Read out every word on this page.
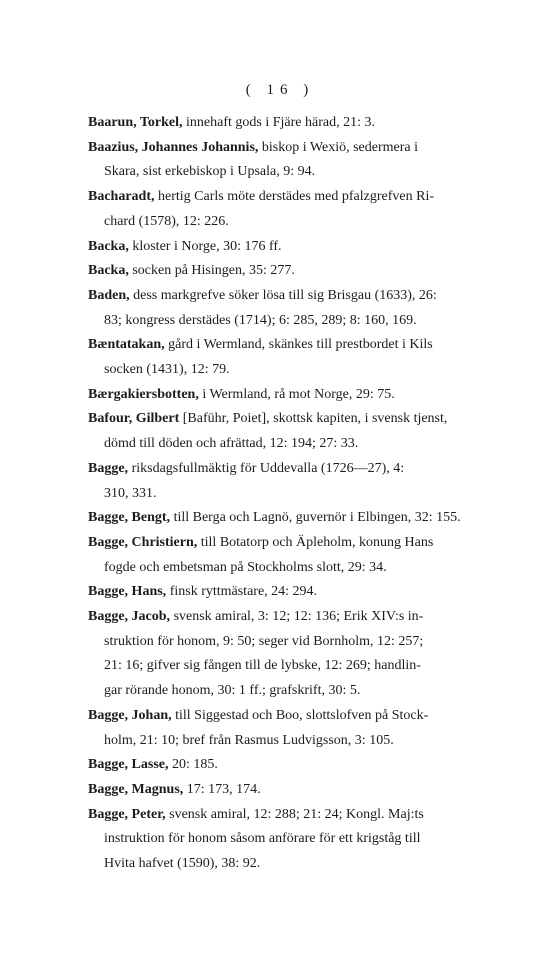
( 16 )
Baarun, Torkel, innehaft gods i Fjäre härad, 21: 3.
Baazius, Johannes Johannis, biskop i Wexiö, sedermera i
Skara, sist erkebiskop i Upsala, 9: 94.
Bacharadt, hertig Carls möte derstädes med pfalzgrefven Ri-
chard (1578), 12: 226.
Backa, kloster i Norge, 30: 176 ff.
Backa, socken på Hisingen, 35: 277.
Baden, dess markgrefve söker lösa till sig Brisgau (1633), 26:
83; kongress derstädes (1714); 6: 285, 289; 8: 160, 169.
Bæntatakan, gård i Wermland, skänkes till prestbordet i Kils
socken (1431), 12: 79.
Bærgakiersbotten, i Wermland, rå mot Norge, 29: 75.
Bafour, Gilbert [Baführ, Poiet], skottsk kapiten, i svensk tjenst,
dömd till döden och afrättad, 12: 194; 27: 33.
Bagge, riksdagsfullmäktig för Uddevalla (1726—27), 4:
310, 331.
Bagge, Bengt, till Berga och Lagnö, guvernör i Elbingen, 32: 155.
Bagge, Christiern, till Botatorp och Äpleholm, konung Hans
fogde och embetsman på Stockholms slott, 29: 34.
Bagge, Hans, finsk ryttmästare, 24: 294.
Bagge, Jacob, svensk amiral, 3: 12; 12: 136; Erik XIV:s in-
struktion för honom, 9: 50; seger vid Bornholm, 12: 257;
21: 16; gifver sig fången till de lybske, 12: 269; handlin-
gar rörande honom, 30: 1 ff.; grafskrift, 30: 5.
Bagge, Johan, till Siggestad och Boo, slottslofven på Stock-
holm, 21: 10; bref från Rasmus Ludvigsson, 3: 105.
Bagge, Lasse, 20: 185.
Bagge, Magnus, 17: 173, 174.
Bagge, Peter, svensk amiral, 12: 288; 21: 24; Kongl. Maj:ts
instruktion för honom såsom anförare för ett krigståg till
Hvita hafvet (1590), 38: 92.
